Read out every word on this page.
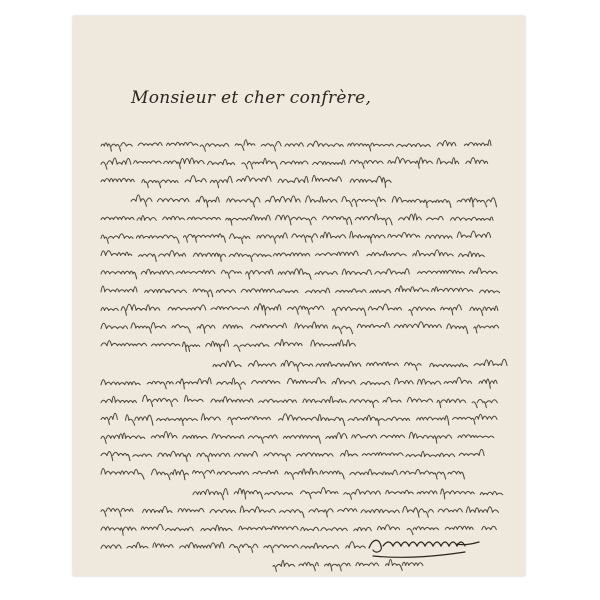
Monsieur et cher confrère,
